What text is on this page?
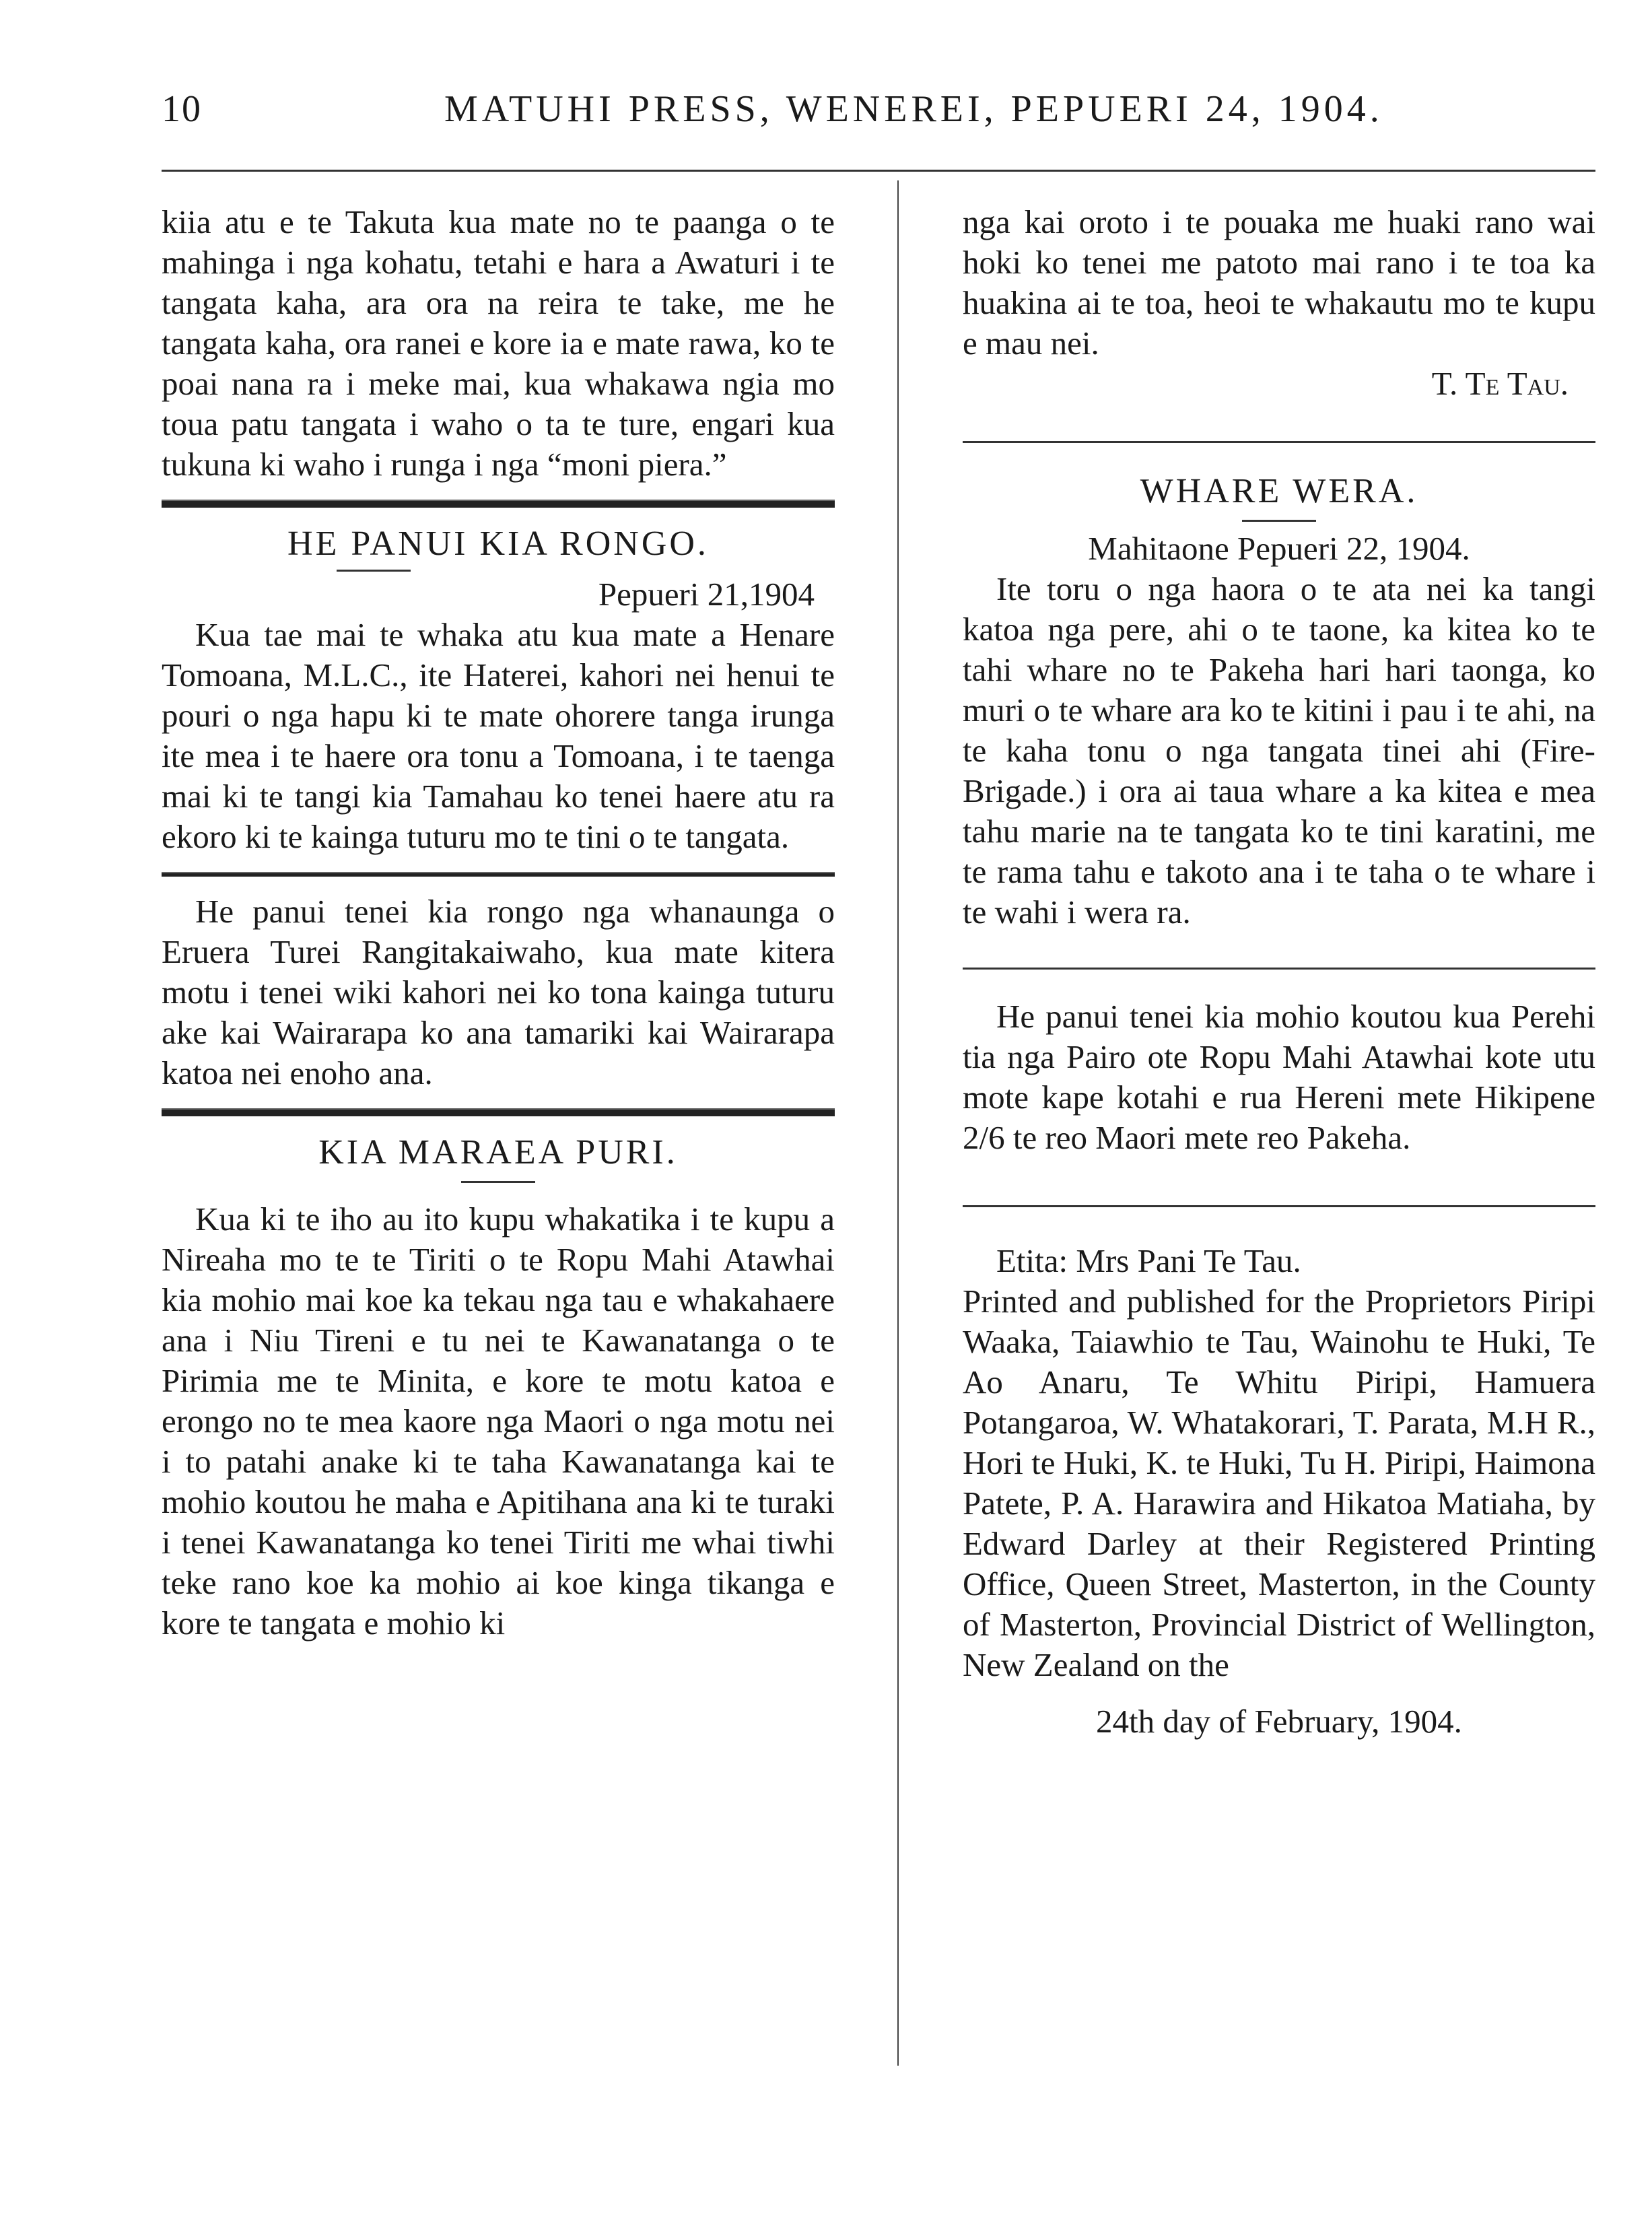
10	MATUHI PRESS, WENEREI, PEPUERI 24, 1904.

kiia atu e te Takuta kua mate no te paanga o te mahinga i nga kohatu, tetahi e hara a Awaturi i te tangata kaha, ara ora na reira te take, me he tangata kaha, ora ranei e kore ia e mate rawa, ko te poai nana ra i meke mai, kua whakawa ngia mo toua patu tangata i waho o ta te ture, engari kua tukuna ki waho i runga i nga “moni piera.”

HE PANUI KIA RONGO.
Pepueri 21,1904

Kua tae mai te whaka atu kua mate a Henare Tomoana, M.L.C., ite Haterei, kahori nei henui te pouri o nga hapu ki te mate ohorere tanga irunga ite mea i te haere ora tonu a Tomoana, i te taenga mai ki te tangi kia Tamahau ko tenei haere atu ra ekoro ki te kainga tuturu mo te tini o te tangata.

He panui tenei kia rongo nga whanaunga o Eruera Turei Rangitakaiwaho, kua mate kitera motu i tenei wiki kahori nei ko tona kainga tuturu ake kai Wairarapa ko ana tamariki kai Wairarapa katoa nei enoho ana.

KIA MARAEA PURI.

Kua ki te iho au ito kupu whakatika i te kupu a Nireaha mo te te Tiriti o te Ropu Mahi Atawhai kia mohio mai koe ka tekau nga tau e whakahaere ana i Niu Tireni e tu nei te Kawanatanga o te Pirimia me te Minita, e kore te motu katoa e erongo no te mea kaore nga Maori o nga motu nei i to patahi anake ki te taha Kawanatanga kai te mohio koutou he maha e Apitihana ana ki te turaki i tenei Kawanatanga ko tenei Tiriti me whai tiwhi teke rano koe ka mohio ai koe kinga tikanga e kore te tangata e mohio ki

nga kai oroto i te pouaka me huaki rano wai hoki ko tenei me patoto mai rano i te toa ka huakina ai te toa, heoi te whakautu mo te kupu e mau nei.

T. Te Tau.

WHARE WERA.
Mahitaone Pepueri 22, 1904.

Ite toru o nga haora o te ata nei ka tangi katoa nga pere, ahi o te taone, ka kitea ko te tahi whare no te Pakeha hari hari taonga, ko muri o te whare ara ko te kitini i pau i te ahi, na te kaha tonu o nga tangata tinei ahi (Fire-Brigade.) i ora ai taua whare a ka kitea e mea tahu marie na te tangata ko te tini karatini, me te rama tahu e takoto ana i te taha o te whare i te wahi i wera ra.

He panui tenei kia mohio koutou kua Perehi tia nga Pairo ote Ropu Mahi Atawhai kote utu mote kape kotahi e rua Hereni mete Hikipene 2/6 te reo Maori mete reo Pakeha.

Etita: Mrs Pani Te Tau.

Printed and published for the Proprietors Piripi Waaka, Taiawhio te Tau, Wainohu te Huki, Te Ao Anaru, Te Whitu Piripi, Hamuera Potangaroa, W. Whatakorari, T. Parata, M.H R., Hori te Huki, K. te Huki, Tu H. Piripi, Haimona Patete, P. A. Harawira and Hikatoa Matiaha, by Edward Darley at their Registered Printing Office, Queen Street, Masterton, in the County of Masterton, Provincial District of Wellington, New Zealand on the

24th day of February, 1904.
